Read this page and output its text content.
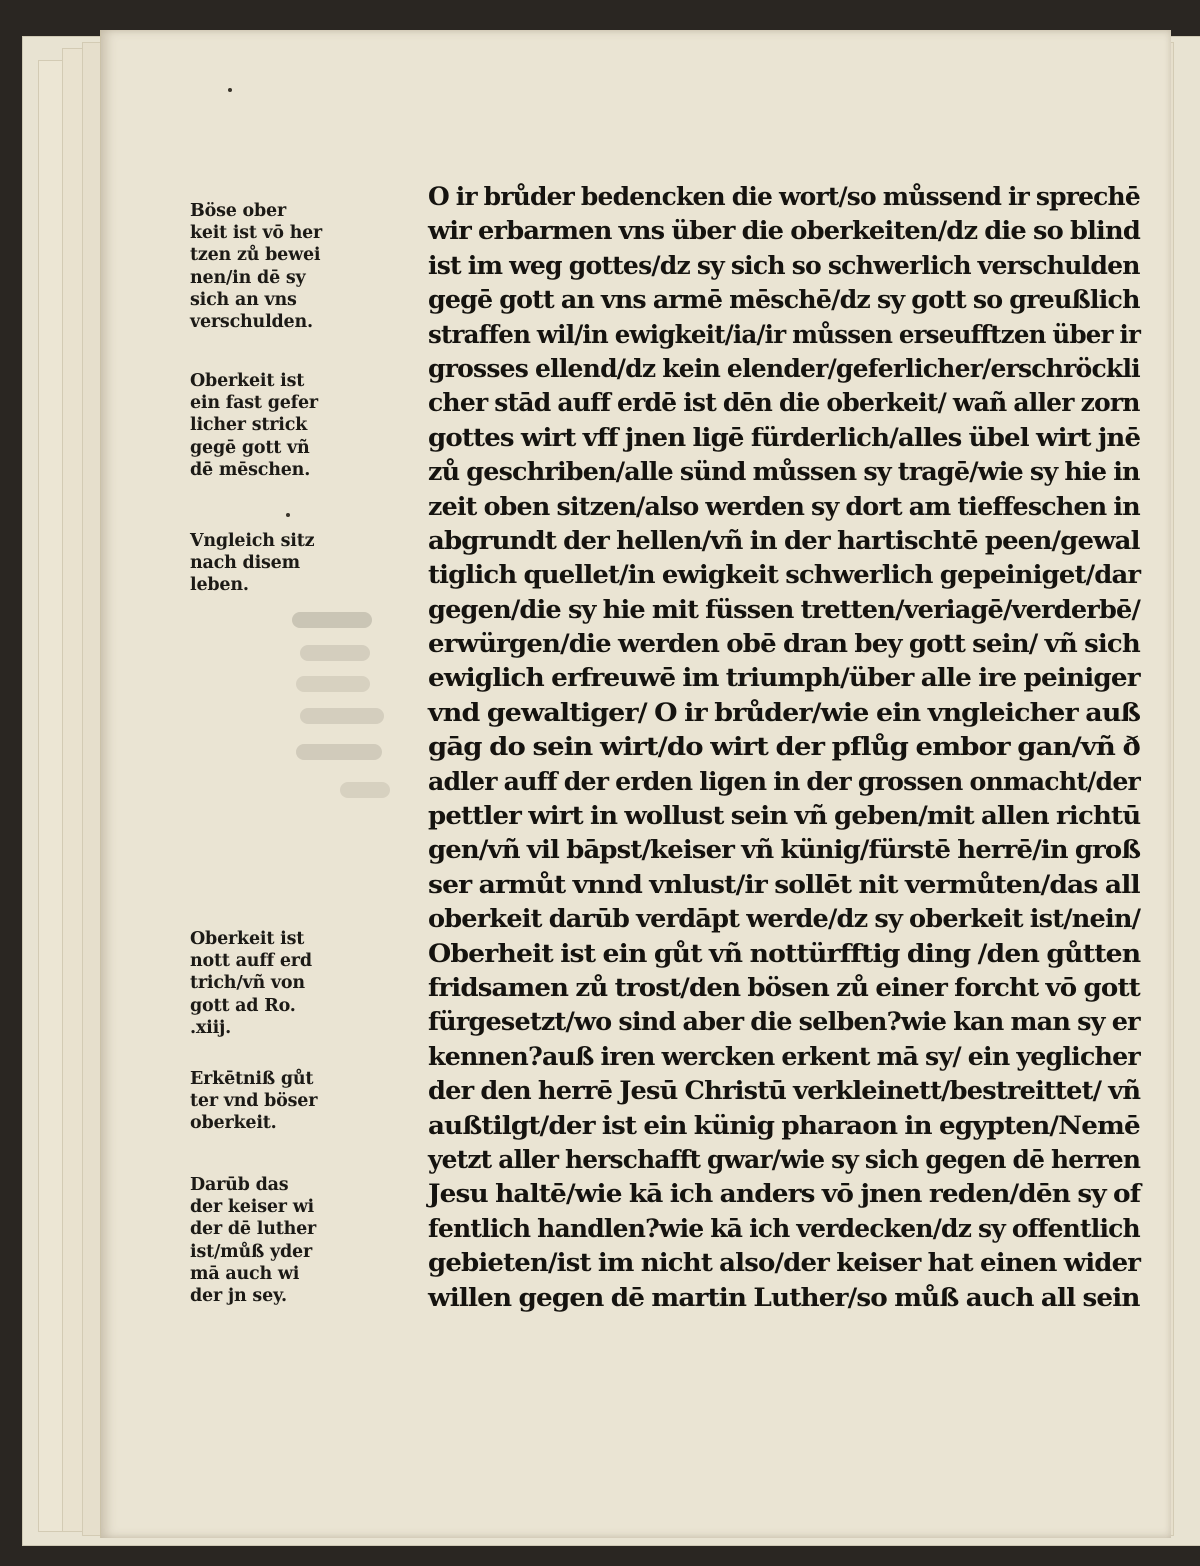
Böse ober
keit ist vō her
tzen zů bewei
nen/in dē sy
sich an vns
verschulden.
Oberkeit ist
ein fast gefer
licher strick
gegē gott vñ
dē mēschen.
Vngleich sitz
nach disem
leben.
Oberkeit ist
nott auff erd
trich/vñ von
gott ad Ro.
.xiij.
Erkētniß gůt
ter vnd böser
oberkeit.
Darūb das
der keiser wi
der dē luther
ist/můß yder
mā auch wi
der jn sey.
O ir brůder bedencken die wort/so můssend ir sprechē
wir erbarmen vns über die oberkeiten/dz die so blind
ist im weg gottes/dz sy sich so schwerlich verschulden
gegē gott an vns armē mēschē/dz sy gott so greußlich
straffen wil/in ewigkeit/ia/ir můssen erseufftzen über ir
grosses ellend/dz kein elender/geferlicher/erschröckli
cher stād auff erdē ist dēn die oberkeit/ wañ aller zorn
gottes wirt vff jnen ligē fürderlich/alles übel wirt jnē
zů geschriben/alle sünd můssen sy tragē/wie sy hie in
zeit oben sitzen/also werden sy dort am tieffeschen in
abgrundt der hellen/vñ in der hartischtē peen/gewal
tiglich quellet/in ewigkeit schwerlich gepeiniget/dar
gegen/die sy hie mit füssen tretten/veriagē/verderbē/
erwürgen/die werden obē dran bey gott sein/ vñ sich
ewiglich erfreuwē im triumph/über alle ire peiniger
vnd gewaltiger/ O ir brůder/wie ein vngleicher auß
gāg do sein wirt/do wirt der pflůg embor gan/vñ ð
adler auff der erden ligen in der grossen onmacht/der
pettler wirt in wollust sein vñ geben/mit allen richtū
gen/vñ vil bāpst/keiser vñ künig/fürstē herrē/in groß
ser armůt vnnd vnlust/ir sollēt nit vermůten/das all
oberkeit darūb verdāpt werde/dz sy oberkeit ist/nein/
Oberheit ist ein gůt vñ nottürfftig ding /den gůtten
fridsamen zů trost/den bösen zů einer forcht vō gott
fürgesetzt/wo sind aber die selben?wie kan man sy er
kennen?auß iren wercken erkent mā sy/ ein yeglicher
der den herrē Jesū Christū verkleinett/bestreittet/ vñ
außtilgt/der ist ein künig pharaon in egypten/Nemē
yetzt aller herschafft gwar/wie sy sich gegen dē herren
Jesu haltē/wie kā ich anders vō jnen reden/dēn sy of
fentlich handlen?wie kā ich verdecken/dz sy offentlich
gebieten/ist im nicht also/der keiser hat einen wider
willen gegen dē martin Luther/so můß auch all sein
